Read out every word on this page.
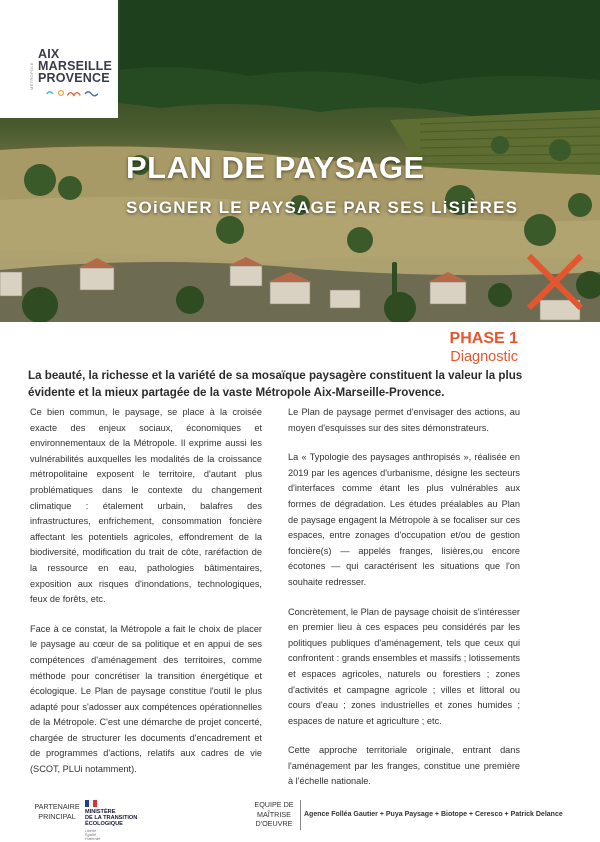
PLAN DE PAYSAGE
SOiGNER LE PAYSAGE PAR SES LiSiÈRES
MÉTROPOLE
AIX
MARSEILLE
PROVENCE
PHASE 1
Diagnostic
La beauté, la richesse et la variété de sa mosaïque paysagère constituent la valeur la plus évidente et la mieux partagée de la vaste Métropole Aix-Marseille-Provence.

Ce bien commun, le paysage, se place à la croisée exacte des enjeux sociaux, économiques et environnementaux de la Métropole. Il exprime aussi les vulnérabilités auxquelles les modalités de la croissance métropolitaine exposent le territoire, d'autant plus problématiques dans le contexte du changement climatique : étalement urbain, balafres des infrastructures, enfrichement, consommation foncière affectant les potentiels agricoles, effondrement de la biodiversité, modification du trait de côte, raréfaction de la ressource en eau, pathologies bâtimentaires, exposition aux risques d'inondations, technologiques, feux de forêts, etc.

Face à ce constat, la Métropole a fait le choix de placer le paysage au cœur de sa politique et en appui de ses compétences d'aménagement des territoires, comme méthode pour concrétiser la transition énergétique et écologique. Le Plan de paysage constitue l'outil le plus adapté pour s'adosser aux compétences opérationnelles de la Métropole. C'est une démarche de projet concerté, chargée de structurer les documents d'encadrement et de programmes d'actions, relatifs aux cadres de vie (SCOT, PLUi notamment).

Le Plan de paysage permet d'envisager des actions, au moyen d'esquisses sur des sites démonstrateurs.

La « Typologie des paysages anthropisés », réalisée en 2019 par les agences d'urbanisme, désigne les secteurs d'interfaces comme étant les plus vulnérables aux formes de dégradation. Les études préalables au Plan de paysage engagent la Métropole à se focaliser sur ces espaces, entre zonages d'occupation et/ou de gestion foncière(s) — appelés franges, lisières,ou encore écotones — qui caractérisent les situations que l'on souhaite redresser.

Concrètement, le Plan de paysage choisit de s'intéresser en premier lieu à ces espaces peu considérés par les politiques publiques d'aménagement, tels que ceux qui confrontent : grands ensembles et massifs ; lotissements et espaces agricoles, naturels ou forestiers ; zones d'activités et campagne agricole ; villes et littoral ou cours d'eau ; zones industrielles et zones humides ; espaces de nature et agriculture ; etc.

Cette approche territoriale originale, entrant dans l'aménagement par les franges, constitue une première à l'échelle nationale.

PARTENAIRE
PRINCIPAL	MINISTÈRE
DE LA TRANSITION
ÉCOLOGIQUE
Liberté
Égalité
Fraternité
EQUIPE DE
MAÎTRISE
D'OEUVRE
Agence Folléa Gautier + Puya Paysage + Biotope + Ceresco + Patrick Delance
